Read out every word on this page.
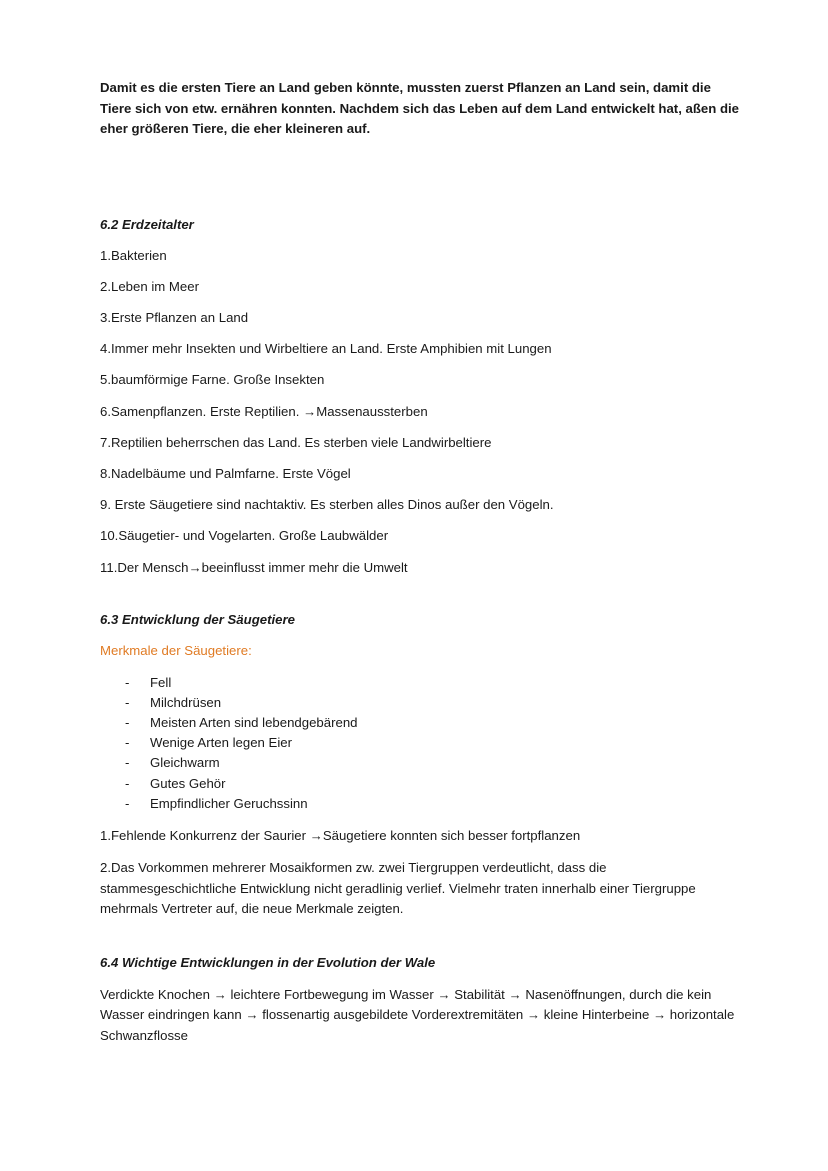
Damit es die ersten Tiere an Land geben könnte, mussten zuerst Pflanzen an Land sein, damit die Tiere sich von etw. ernähren konnten. Nachdem sich das Leben auf dem Land entwickelt hat, aßen die eher größeren Tiere, die eher kleineren auf.

6.2 Erdzeitalter

1.Bakterien
2.Leben im Meer
3.Erste Pflanzen an Land
4.Immer mehr Insekten und Wirbeltiere an Land. Erste Amphibien mit Lungen
5.baumförmige Farne. Große Insekten
6.Samenpflanzen. Erste Reptilien. →Massenaussterben
7.Reptilien beherrschen das Land. Es sterben viele Landwirbeltiere
8.Nadelbäume und Palmfarne. Erste Vögel
9. Erste Säugetiere sind nachtaktiv. Es sterben alles Dinos außer den Vögeln.
10.Säugetier- und Vogelarten. Große Laubwälder
11.Der Mensch→beeinflusst immer mehr die Umwelt

6.3 Entwicklung der Säugetiere

Merkmale der Säugetiere:

- Fell
- Milchdrüsen
- Meisten Arten sind lebendgebärend
- Wenige Arten legen Eier
- Gleichwarm
- Gutes Gehör
- Empfindlicher Geruchssinn

1.Fehlende Konkurrenz der Saurier →Säugetiere konnten sich besser fortpflanzen

2.Das Vorkommen mehrerer Mosaikformen zw. zwei Tiergruppen verdeutlicht, dass die stammesgeschichtliche Entwicklung nicht geradlinig verlief. Vielmehr traten innerhalb einer Tiergruppe mehrmals Vertreter auf, die neue Merkmale zeigten.

6.4 Wichtige Entwicklungen in der Evolution der Wale

Verdickte Knochen → leichtere Fortbewegung im Wasser → Stabilität → Nasenöffnungen, durch die kein Wasser eindringen kann → flossenartig ausgebildete Vorderextremitäten → kleine Hinterbeine → horizontale Schwanzflosse
